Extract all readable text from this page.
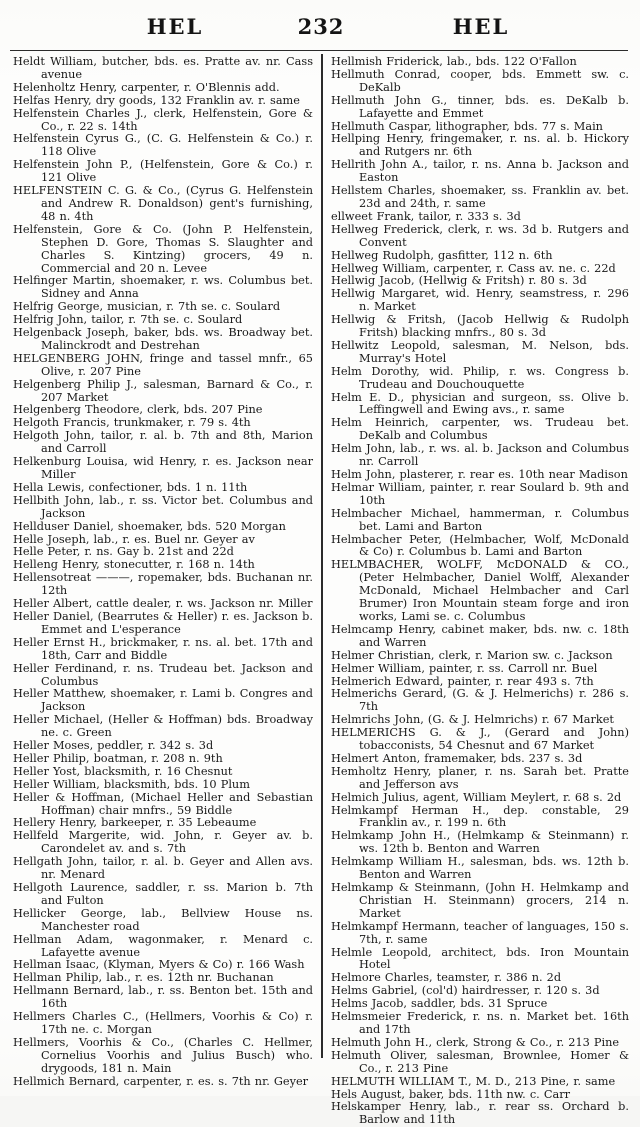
HEL	232	HEL

Heldt William, butcher, bds. es. Pratte av. nr. Cass avenue

Helenholtz Henry, carpenter, r. O'Blennis add.

Helfas Henry, dry goods, 132 Franklin av. r. same

Helfenstein Charles J., clerk, Helfenstein, Gore & Co., r. 22 s. 14th

Helfenstein Cyrus G., (C. G. Helfenstein & Co.) r. 118 Olive

Helfenstein John P., (Helfenstein, Gore & Co.) r. 121 Olive

HELFENSTEIN C. G. & Co., (Cyrus G. Helfenstein and Andrew R. Donaldson) gent's furnishing, 48 n. 4th

Helfenstein, Gore & Co. (John P. Helfenstein, Stephen D. Gore, Thomas S. Slaughter and Charles S. Kintzing) grocers, 49 n. Commercial and 20 n. Levee

Helfinger Martin, shoemaker, r. ws. Columbus bet. Sidney and Anna

Helfrig George, musician, r. 7th se. c. Soulard

Helfrig John, tailor, r. 7th se. c. Soulard

Helgenback Joseph, baker, bds. ws. Broadway bet. Malinckrodt and Destrehan

HELGENBERG JOHN, fringe and tassel mnfr., 65 Olive, r. 207 Pine

Helgenberg Philip J., salesman, Barnard & Co., r. 207 Market

Helgenberg Theodore, clerk, bds. 207 Pine

Helgoth Francis, trunkmaker, r. 79 s. 4th

Helgoth John, tailor, r. al. b. 7th and 8th, Marion and Carroll

Helkenburg Louisa, wid Henry, r. es. Jackson near Miller

Hella Lewis, confectioner, bds. 1 n. 11th

Hellbith John, lab., r. ss. Victor bet. Columbus and Jackson

Hellduser Daniel, shoemaker, bds. 520 Morgan

Helle Joseph, lab., r. es. Buel nr. Geyer av

Helle Peter, r. ns. Gay b. 21st and 22d

Helleng Henry, stonecutter, r. 168 n. 14th

Hellensotreat ———, ropemaker, bds. Buchanan nr. 12th

Heller Albert, cattle dealer, r. ws. Jackson nr. Miller

Heller Daniel, (Bearrutes & Heller) r. es. Jackson b. Emmet and L'esperance

Heller Ernst H., brickmaker, r. ns. al. bet. 17th and 18th, Carr and Biddle

Heller Ferdinand, r. ns. Trudeau bet. Jackson and Columbus

Heller Matthew, shoemaker, r. Lami b. Congres and Jackson

Heller Michael, (Heller & Hoffman) bds. Broadway ne. c. Green

Heller Moses, peddler, r. 342 s. 3d

Heller Philip, boatman, r. 208 n. 9th

Heller Yost, blacksmith, r. 16 Chesnut

Heller William, blacksmith, bds. 10 Plum

Heller & Hoffman, (Michael Heller and Sebastian Hoffman) chair mnfrs., 59 Biddle

Hellery Henry, barkeeper, r. 35 Lebeaume

Hellfeld Margerite, wid. John, r. Geyer av. b. Carondelet av. and s. 7th

Hellgath John, tailor, r. al. b. Geyer and Allen avs. nr. Menard

Hellgoth Laurence, saddler, r. ss. Marion b. 7th and Fulton

Hellicker George, lab., Bellview House ns. Manchester road

Hellman Adam, wagonmaker, r. Menard c. Lafayette avenue

Hellman Isaac, (Klyman, Myers & Co) r. 166 Wash

Hellman Philip, lab., r. es. 12th nr. Buchanan

Hellmann Bernard, lab., r. ss. Benton bet. 15th and 16th

Hellmers Charles C., (Hellmers, Voorhis & Co) r. 17th ne. c. Morgan

Hellmers, Voorhis & Co., (Charles C. Hellmer, Cornelius Voorhis and Julius Busch) who. drygoods, 181 n. Main

Hellmich Bernard, carpenter, r. es. s. 7th nr. Geyer

Hellmish Friderick, lab., bds. 122 O'Fallon

Hellmuth Conrad, cooper, bds. Emmett sw. c. DeKalb

Hellmuth John G., tinner, bds. es. DeKalb b. Lafayette and Emmet

Hellmuth Caspar, lithographer, bds. 77 s. Main

Hellping Henry, fringemaker, r. ns. al. b. Hickory and Rutgers nr. 6th

Hellrith John A., tailor, r. ns. Anna b. Jackson and Easton

Hellstem Charles, shoemaker, ss. Franklin av. bet. 23d and 24th, r. same

ellweet Frank, tailor, r. 333 s. 3d

Hellweg Frederick, clerk, r. ws. 3d b. Rutgers and Convent

Hellweg Rudolph, gasfitter, 112 n. 6th

Hellweg William, carpenter, r. Cass av. ne. c. 22d

Hellwig Jacob, (Hellwig & Fritsh) r. 80 s. 3d

Hellwig Margaret, wid. Henry, seamstress, r. 296 n. Market

Hellwig & Fritsh, (Jacob Hellwig & Rudolph Fritsh) blacking mnfrs., 80 s. 3d

Hellwitz Leopold, salesman, M. Nelson, bds. Murray's Hotel

Helm Dorothy, wid. Philip, r. ws. Congress b. Trudeau and Douchouquette

Helm E. D., physician and surgeon, ss. Olive b. Leffingwell and Ewing avs., r. same

Helm Heinrich, carpenter, ws. Trudeau bet. DeKalb and Columbus

Helm John, lab., r. ws. al. b. Jackson and Columbus nr. Carroll

Helm John, plasterer, r. rear es. 10th near Madison

Helmar William, painter, r. rear Soulard b. 9th and 10th

Helmbacher Michael, hammerman, r. Columbus bet. Lami and Barton

Helmbacher Peter, (Helmbacher, Wolf, McDonald & Co) r. Columbus b. Lami and Barton

HELMBACHER, WOLFF, McDONALD & CO., (Peter Helmbacher, Daniel Wolff, Alexander McDonald, Michael Helmbacher and Carl Brumer) Iron Mountain steam forge and iron works, Lami se. c. Columbus

Helmcamp Henry, cabinet maker, bds. nw. c. 18th and Warren

Helmer Christian, clerk, r. Marion sw. c. Jackson

Helmer William, painter, r. ss. Carroll nr. Buel

Helmerich Edward, painter, r. rear 493 s. 7th

Helmerichs Gerard, (G. & J. Helmerichs) r. 286 s. 7th

Helmrichs John, (G. & J. Helmrichs) r. 67 Market

HELMERICHS G. & J., (Gerard and John) tobacconists, 54 Chesnut and 67 Market

Helmert Anton, framemaker, bds. 237 s. 3d

Hemholtz Henry, planer, r. ns. Sarah bet. Pratte and Jefferson avs

Helmich Julius, agent, William Meylert, r. 68 s. 2d

Helmkampf Herman H., dep. constable, 29 Franklin av., r. 199 n. 6th

Helmkamp John H., (Helmkamp & Steinmann) r. ws. 12th b. Benton and Warren

Helmkamp William H., salesman, bds. ws. 12th b. Benton and Warren

Helmkamp & Steinmann, (John H. Helmkamp and Christian H. Steinmann) grocers, 214 n. Market

Helmkampf Hermann, teacher of languages, 150 s. 7th, r. same

Helmle Leopold, architect, bds. Iron Mountain Hotel

Helmore Charles, teamster, r. 386 n. 2d

Helms Gabriel, (col'd) hairdresser, r. 120 s. 3d

Helms Jacob, saddler, bds. 31 Spruce

Helmsmeier Frederick, r. ns. n. Market bet. 16th and 17th

Helmuth John H., clerk, Strong & Co., r. 213 Pine

Helmuth Oliver, salesman, Brownlee, Homer & Co., r. 213 Pine

HELMUTH WILLIAM T., M. D., 213 Pine, r. same

Hels August, baker, bds. 11th nw. c. Carr

Helskamper Henry, lab., r. rear ss. Orchard b. Barlow and 11th
